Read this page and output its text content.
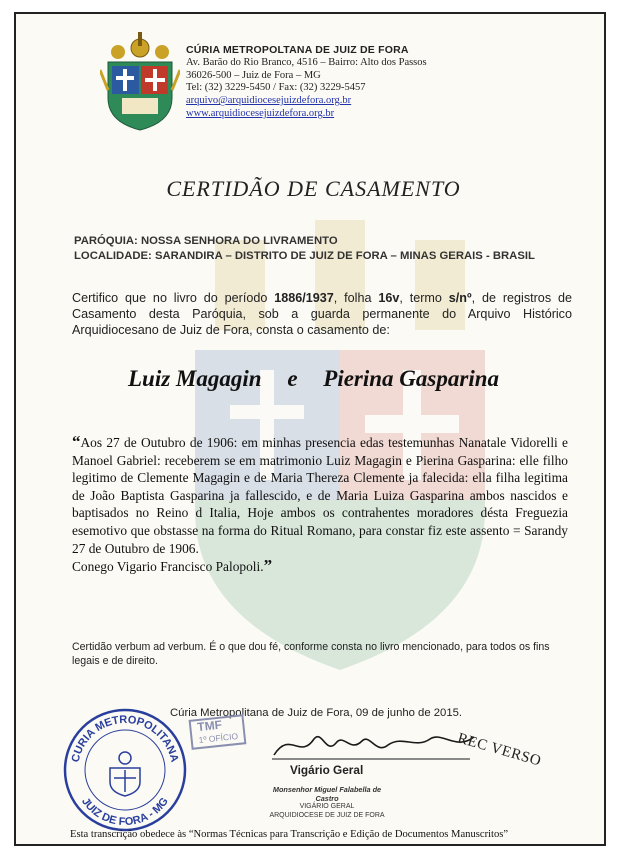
CÚRIA METROPOLTANA DE JUIZ DE FORA
Av. Barão do Rio Branco, 4516 – Bairro: Alto dos Passos
36026-500 – Juiz de Fora – MG
Tel: (32) 3229-5450 / Fax: (32) 3229-5457
arquivo@arquidiocesejuizdefora.org.br
www.arquidiocesejuizdefora.org.br
CERTIDÃO DE CASAMENTO
PARÓQUIA: NOSSA SENHORA DO LIVRAMENTO
LOCALIDADE: SARANDIRA – DISTRITO DE JUIZ DE FORA – MINAS GERAIS - BRASIL
Certifico que no livro do período 1886/1937, folha 16v, termo s/nº, de registros de Casamento desta Paróquia, sob a guarda permanente do Arquivo Histórico Arquidiocesano de Juiz de Fora, consta o casamento de:
Luiz Magagin e Pierina Gasparina
“Aos 27 de Outubro de 1906: em minhas presencia edas testemunhas Nanatale Vidorelli e Manoel Gabriel: receberem se em matrimonio Luiz Magagin e Pierina Gasparina: elle filho legitimo de Clemente Magagin e de Maria Thereza Clemente ja falecida: ella filha legitima de João Baptista Gasparina ja fallescido, e de Maria Luiza Gasparina ambos nascidos e baptisados no Reino d Italia, Hoje ambos os contrahentes moradores désta Freguezia esemotivo que obstasse na forma do Ritual Romano, para constar fiz este assento = Sarandy 27 de Outubro de 1906.
Conego Vigario Francisco Palopoli.”
Certidão verbum ad verbum. É o que dou fé, conforme consta no livro mencionado, para todos os fins legais e de direito.
Cúria Metropolitana de Juiz de Fora, 09 de junho de 2015.
CURIA METROPOLITANA
JUIZ DE FORA - MG
TMF
1º OFÍCIO	REC VERSO
Vigário Geral
Monsenhor Miguel Falabella de Castro
VIGÁRIO GERAL
ARQUIDIOCESE DE JUIZ DE FORA
Esta transcrição obedece às “Normas Técnicas para Transcrição e Edição de Documentos Manuscritos”
